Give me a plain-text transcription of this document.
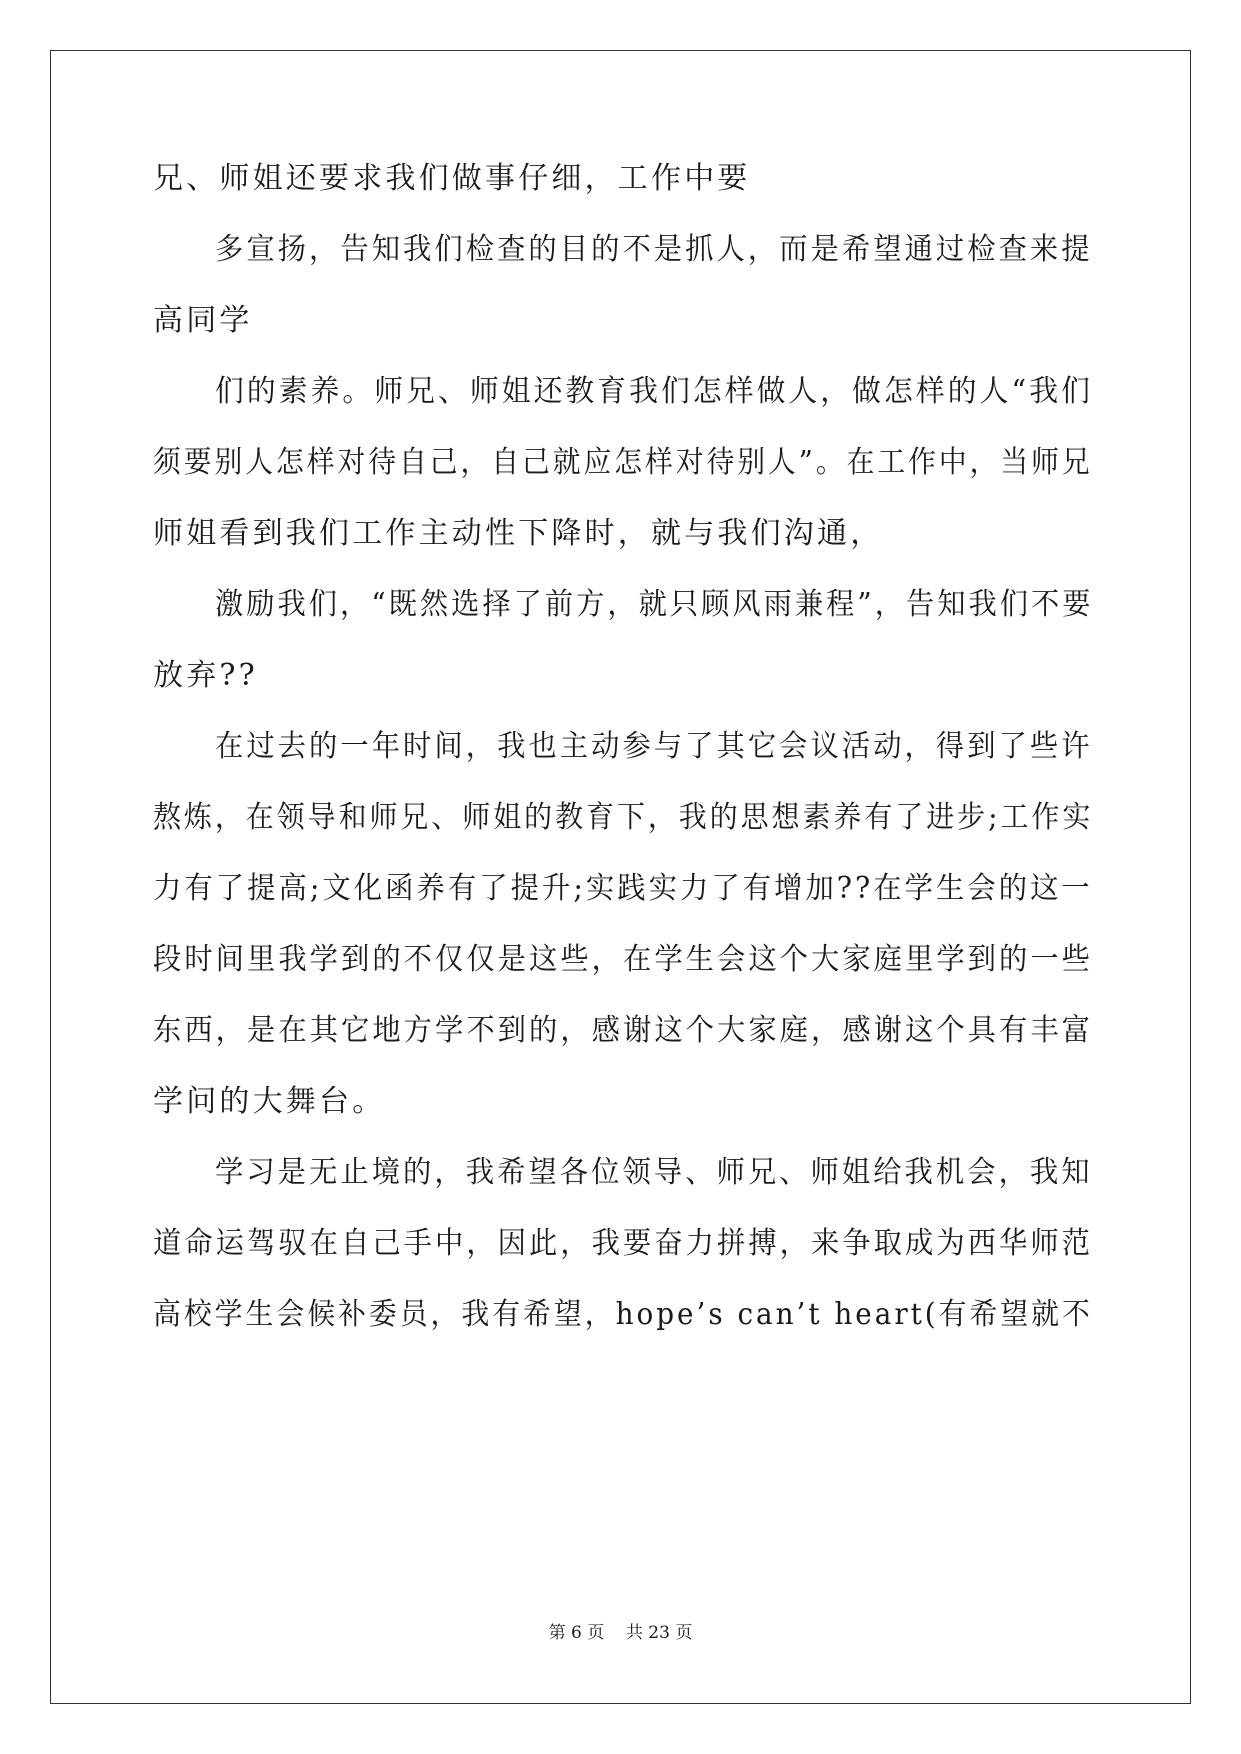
兄、师姐还要求我们做事仔细，工作中要
多宣扬，告知我们检查的目的不是抓人，而是希望通过检查来提
高同学
们的素养。师兄、师姐还教育我们怎样做人，做怎样的人“我们
须要别人怎样对待自己，自己就应怎样对待别人”。在工作中，当师兄
师姐看到我们工作主动性下降时，就与我们沟通，
激励我们，“既然选择了前方，就只顾风雨兼程”，告知我们不要
放弃??
在过去的一年时间，我也主动参与了其它会议活动，得到了些许
熬炼，在领导和师兄、师姐的教育下，我的思想素养有了进步;工作实
力有了提高;文化函养有了提升;实践实力了有增加??在学生会的这一
段时间里我学到的不仅仅是这些，在学生会这个大家庭里学到的一些
东西，是在其它地方学不到的，感谢这个大家庭，感谢这个具有丰富
学问的大舞台。
学习是无止境的，我希望各位领导、师兄、师姐给我机会，我知
道命运驾驭在自己手中，因此，我要奋力拼搏，来争取成为西华师范
高校学生会候补委员，我有希望，hope’s can’t heart(有希望就不
第 6 页    共 23 页
